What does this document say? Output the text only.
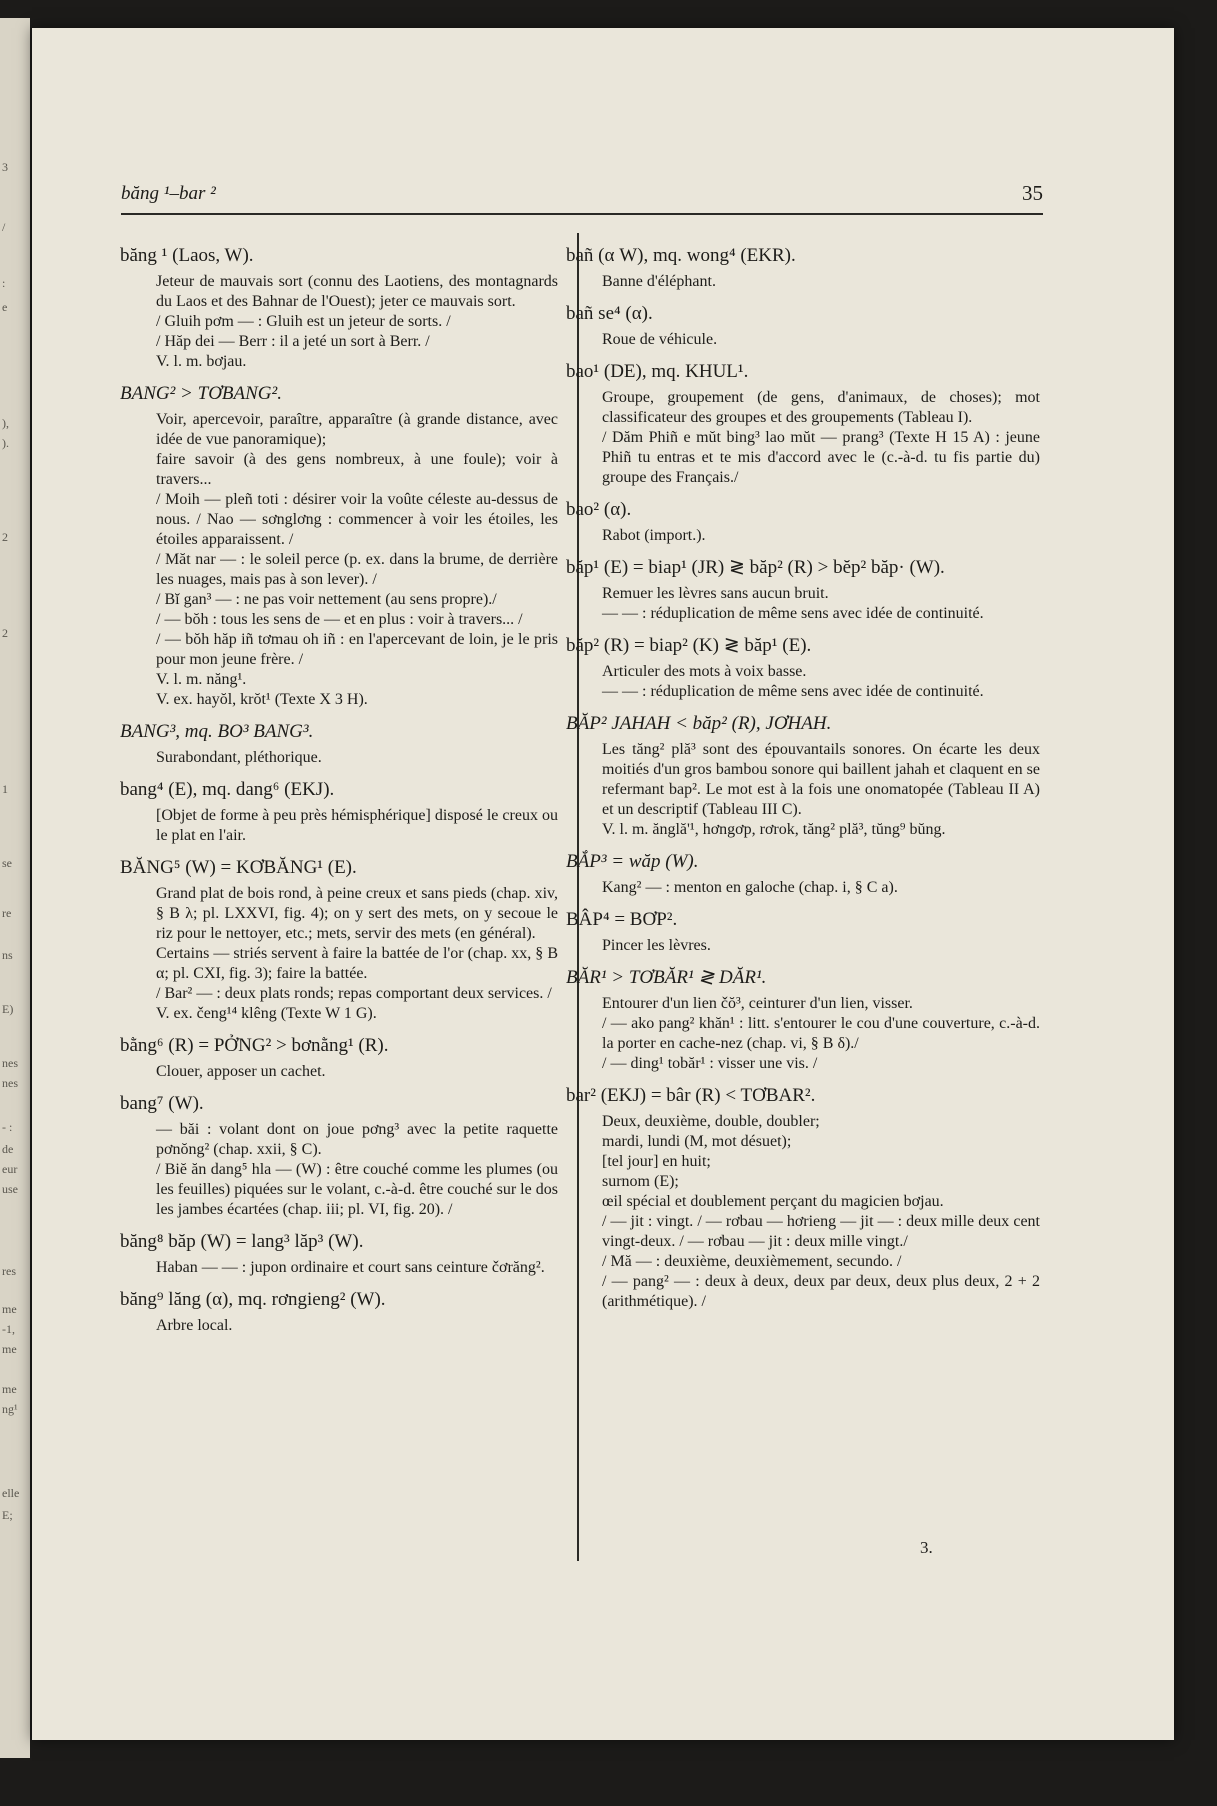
3
/
:
e
),
).
2
2
1
se
re
ns
E)
nes
nes
- :
de
eur
use
res
me
-1,
me
me
ng¹
elle
E;
băng ¹–bar ²	35
băng ¹ (Laos, W).
Jeteur de mauvais sort (connu des Laotiens, des montagnards du Laos et des Bahnar de l'Ouest); jeter ce mauvais sort.
/ Gluih pơm — : Gluih est un jeteur de sorts. /
/ Hăp dei — Berr : il a jeté un sort à Berr. /
V. l. m. bơjau.
BANG² > TƠBANG².
Voir, apercevoir, paraître, apparaître (à grande distance, avec idée de vue panoramique);
faire savoir (à des gens nombreux, à une foule); voir à travers...
/ Moih — pleñ toti : désirer voir la voûte céleste au-dessus de nous. / Nao — sơnglơng : commencer à voir les étoiles, les étoiles apparaissent. /
/ Măt nar — : le soleil perce (p. ex. dans la brume, de derrière les nuages, mais pas à son lever). /
/ Bĭ gan³ — : ne pas voir nettement (au sens propre)./
/ — bŏh : tous les sens de — et en plus : voir à travers... /
/ — bŏh hăp iñ tơmau oh iñ : en l'apercevant de loin, je le pris pour mon jeune frère. /
V. l. m. năng¹.
V. ex. hayŏl, krŏt¹ (Texte X 3 H).
BANG³, mq. BO³ BANG³.
Surabondant, pléthorique.
bang⁴ (E), mq. dang⁶ (EKJ).
[Objet de forme à peu près hémisphérique] disposé le creux ou le plat en l'air.
BĂNG⁵ (W) = KƠBĂNG¹ (E).
Grand plat de bois rond, à peine creux et sans pieds (chap. xiv, § B λ; pl. LXXVI, fig. 4); on y sert des mets, on y secoue le riz pour le nettoyer, etc.; mets, servir des mets (en général).
Certains — striés servent à faire la battée de l'or (chap. xx, § B α; pl. CXI, fig. 3); faire la battée.
/ Bar² — : deux plats ronds; repas comportant deux services. /
V. ex. čeng¹⁴ klêng (Texte W 1 G).
bằng⁶ (R) = PỞNG² > bơnằng¹ (R).
Clouer, apposer un cachet.
bang⁷ (W).
— băi : volant dont on joue pơng³ avec la petite raquette pơnŏng² (chap. xxii, § C).
/ Biĕ ăn dang⁵ hla — (W) : être couché comme les plumes (ou les feuilles) piquées sur le volant, c.-à-d. être couché sur le dos les jambes écartées (chap. iii; pl. VI, fig. 20). /
băng⁸ băp (W) = lang³ lăp³ (W).
Haban — — : jupon ordinaire et court sans ceinture čơrăng².
băng⁹ lăng (α), mq. rơngieng² (W).
Arbre local.
bañ (α W), mq. wong⁴ (EKR).
Banne d'éléphant.
bañ se⁴ (α).
Roue de véhicule.
bao¹ (DE), mq. KHUL¹.
Groupe, groupement (de gens, d'animaux, de choses); mot classificateur des groupes et des groupements (Tableau I).
/ Dăm Phiñ e mŭt bing³ lao mŭt — prang³ (Texte H 15 A) : jeune Phiñ tu entras et te mis d'accord avec le (c.-à-d. tu fis partie du) groupe des Français./
bao² (α).
Rabot (import.).
băp¹ (E) = biap¹ (JR) ≷ băp² (R) > bĕp² băp· (W).
Remuer les lèvres sans aucun bruit.
— — : réduplication de même sens avec idée de continuité.
băp² (R) = biap² (K) ≷ băp¹ (E).
Articuler des mots à voix basse.
— — : réduplication de même sens avec idée de continuité.
BĂP² JAHAH < băp² (R), JƠHAH.
Les tăng² plă³ sont des épouvantails sonores. On écarte les deux moitiés d'un gros bambou sonore qui baillent jahah et claquent en se refermant bap². Le mot est à la fois une onomatopée (Tableau II A) et un descriptif (Tableau III C).
V. l. m. ănglă'¹, hơngơp, rơrok, tăng² plă³, tŭng⁹ bŭng.
BẮP³ = wăp (W).
Kang² — : menton en galoche (chap. i, § C a).
BÂP⁴ = BƠP².
Pincer les lèvres.
BĂR¹ > TƠBĂR¹ ≷ DĂR¹.
Entourer d'un lien čŏ³, ceinturer d'un lien, visser.
/ — ako pang² khăn¹ : litt. s'entourer le cou d'une couverture, c.-à-d. la porter en cache-nez (chap. vi, § B δ)./
/ — ding¹ tobăr¹ : visser une vis. /
bar² (EKJ) = bâr (R) < TƠBAR².
Deux, deuxième, double, doubler;
mardi, lundi (M, mot désuet);
[tel jour] en huit;
surnom (E);
œil spécial et doublement perçant du magicien bơjau.
/ — jit : vingt. / — rơbau — hơrieng — jit — : deux mille deux cent vingt-deux. / — rơbau — jit : deux mille vingt./
/ Mă — : deuxième, deuxièmement, secundo. /
/ — pang² — : deux à deux, deux par deux, deux plus deux, 2 + 2 (arithmétique). /
3.
